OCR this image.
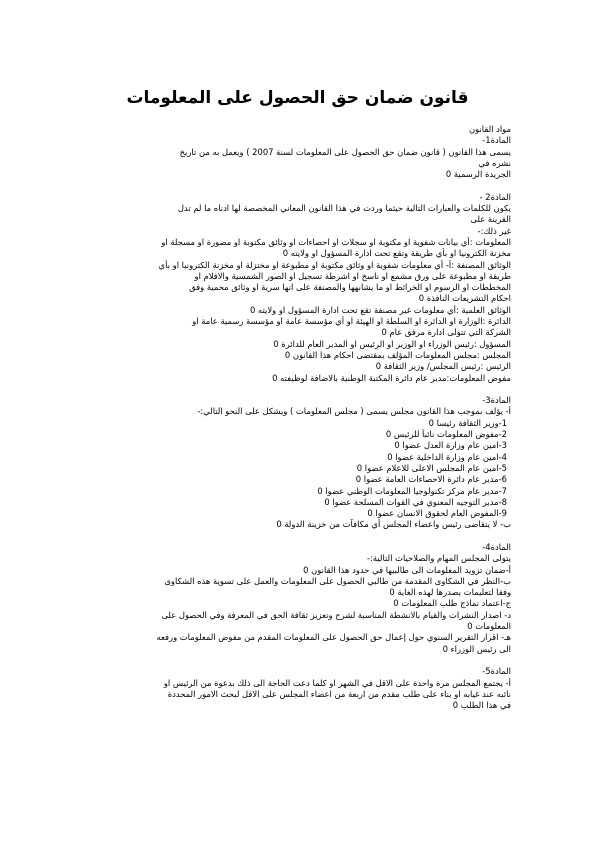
قانون ضمان حق الحصول على المعلومات
مواد القانون
المادة1-
يسمى هذا القانون ( قانون ضمان حق الحصول على المعلومات لسنة 2007 ) ويعمل به من تاريخ
نشره في
الجريدة الرسمية 0
المادة2 -
يكون للكلمات والعبارات التالية حيثما وردت في هذا القانون المعاني المخصصة لها ادناه ما لم تدل
القرينة على
غير ذلك:-
المعلومات :أي بيانات شفوية او مكتوبة او سجلات او احصاءات او وثائق مكتوبة او مصورة او مسجلة او
مخزنة الكترونيا او بأي طريقة وتقع تحت ادارة المسؤول او ولايته 0
الوثائق المصنفة :أ- أي معلومات شفوية او وثائق مكتوبة او مطبوعة او مختزلة او مخزنة الكترونيا او بأي
طريقة او مطبوعة على ورق مشمع او ناسخ او اشرطة تسجيل او الصور الشمسية والافلام او
المخططات او الرسوم او الخرائط او ما يشابهها والمصنفة على انها سرية او وثائق محمية وفق
احكام التشريعات النافذة 0
الوثائق العلمية :أي معلومات غير مصنفة تقع تحت ادارة المسؤول او ولايته 0
الدائرة :الوزارة او الدائرة او السلطة او الهيئة او أي مؤسسة عامة او مؤسسة رسمية عامة او
الشركة التي تتولى ادارة مرفق عام 0
المسؤول :رئيس الوزراء او الوزير او الرئيس او المدير العام للدائرة 0
المجلس :مجلس المعلومات المؤلف بمقتضى احكام هذا القانون 0
الرئيس :رئيس المجلس/ وزير الثقافة 0
مفوض المعلومات:مدير عام دائرة المكتبة الوطنية بالاضافة لوظيفته 0
المادة3-
أ- يؤلف بموجب هذا القانون مجلس يسمى ( مجلس المعلومات ) ويشكل على النحو التالي:-
1-وزير الثقافة رئيسا 0
2-مفوض المعلومات نائباً للرئيس 0
3-امين عام وزارة العدل عضوا 0
4-امين عام وزارة الداخلية عضوا 0
5-امين عام المجلس الاعلى للاعلام عضوا 0
6-مدير عام دائرة الاحصاءات العامة عضوا 0
7-مدير عام مركز تكنولوجيا المعلومات الوطني عضوا 0
8-مدير التوجيه المعنوي في القوات المسلحة عضوا 0
9-المفوض العام لحقوق الانسان عضوا 0
ب- لا يتقاضى رئيس واعضاء المجلس أي مكافآت من خزينة الدولة 0
المادة4-
يتولى المجلس المهام والصلاحيات التالية:-
أ-ضمان تزويد المعلومات الى طالبيها في حدود هذا القانون 0
ب-النظر في الشكاوى المقدمة من طالبي الحصول على المعلومات والعمل على تسوية هذه الشكاوى
وفقا لتعليمات يصدرها لهذه الغاية 0
ج-اعتماد نماذج طلب المعلومات 0
د- اصدار النشرات والقيام بالانشطة المناسبة لشرح وتعزيز ثقافة الحق في المعرفة وفي الحصول على
المعلومات 0
هـ- اقرار التقرير السنوي حول إعمال حق الحصول على المعلومات المقدم من مفوض المعلومات ورفعه
الى رئيس الوزراء 0
المادة5-
أ- يجتمع المجلس مرة واحدة على الاقل في الشهر او كلما دعت الحاجة الى ذلك بدعوة من الرئيس او
نائبه عند غيابه او بناء على طلب مقدم من اربعة من اعضاء المجلس على الاقل لبحث الامور المحددة
في هذا الطلب 0
